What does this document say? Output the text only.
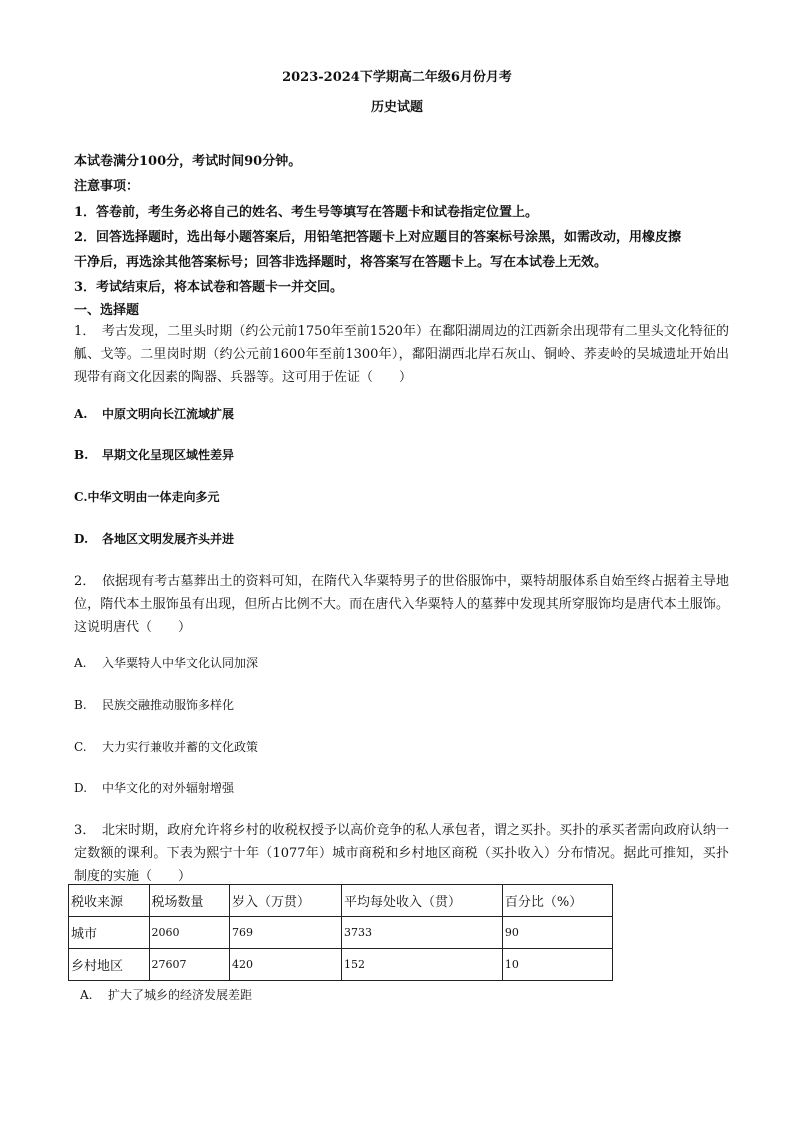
2023-2024下学期高二年级6月份月考
历史试题
本试卷满分100分，考试时间90分钟。
注意事项：
1．答卷前，考生务必将自己的姓名、考生号等填写在答题卡和试卷指定位置上。
2．回答选择题时，选出每小题答案后，用铅笔把答题卡上对应题目的答案标号涂黑，如需改动，用橡皮擦
干净后，再选涂其他答案标号；回答非选择题时，将答案写在答题卡上。写在本试卷上无效。
3．考试结束后，将本试卷和答题卡一并交回。
一、选择题
1．　考古发现，二里头时期（约公元前1750年至前1520年）在鄱阳湖周边的江西新余出现带有二里头文化特征的觚、戈等。二里岗时期（约公元前1600年至前1300年），鄱阳湖西北岸石灰山、铜岭、荞麦岭的吴城遗址开始出现带有商文化因素的陶器、兵器等。这可用于佐证（　　）
A. 中原文明向长江流域扩展
B. 早期文化呈现区域性差异
C.中华文明由一体走向多元
D. 各地区文明发展齐头并进
2．　依据现有考古墓葬出土的资料可知，在隋代入华粟特男子的世俗服饰中，粟特胡服体系自始至终占据着主导地位，隋代本土服饰虽有出现，但所占比例不大。而在唐代入华粟特人的墓葬中发现其所穿服饰均是唐代本土服饰。这说明唐代（　　）
A. 入华粟特人中华文化认同加深
B. 民族交融推动服饰多样化
C. 大力实行兼收并蓄的文化政策
D. 中华文化的对外辐射增强
3．　北宋时期，政府允许将乡村的收税权授予以高价竞争的私人承包者，谓之买扑。买扑的承买者需向政府认纳一定数额的课利。下表为熙宁十年（1077年）城市商税和乡村地区商税（买扑收入）分布情况。据此可推知，买扑制度的实施（　　）
税收来源	税场数量	岁入（万贯）	平均每处收入（贯）	百分比（%）
城市	2060	769	3733	90
乡村地区	27607	420	152	10
A. 扩大了城乡的经济发展差距
